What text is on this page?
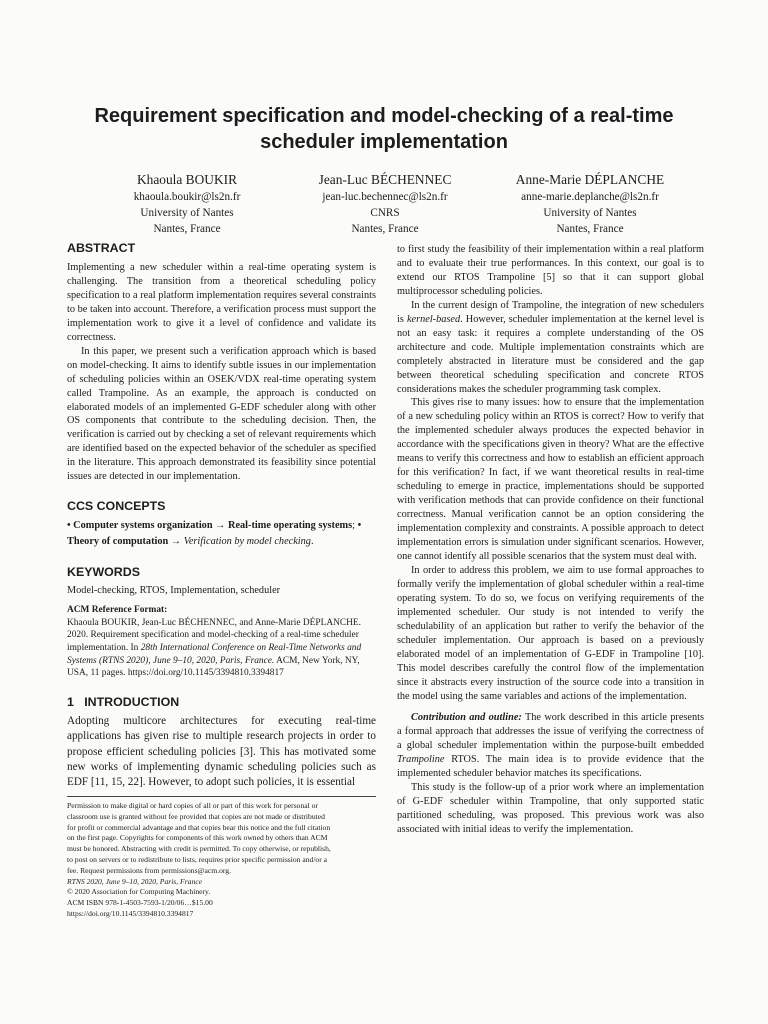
Requirement specification and model-checking of a real-time scheduler implementation
Khaoula BOUKIR
khaoula.boukir@ls2n.fr
University of Nantes
Nantes, France
Jean-Luc BÉCHENNEC
jean-luc.bechennec@ls2n.fr
CNRS
Nantes, France
Anne-Marie DÉPLANCHE
anne-marie.deplanche@ls2n.fr
University of Nantes
Nantes, France
ABSTRACT

Implementing a new scheduler within a real-time operating system is challenging. The transition from a theoretical scheduling policy specification to a real platform implementation requires several constraints to be taken into account. Therefore, a verification process must support the implementation work to give it a level of confidence and validate its correctness.

In this paper, we present such a verification approach which is based on model-checking. It aims to identify subtle issues in our implementation of scheduling policies within an OSEK/VDX real-time operating system called Trampoline. As an example, the approach is conducted on elaborated models of an implemented G-EDF scheduler along with other OS components that contribute to the scheduling decision. Then, the verification is carried out by checking a set of relevant requirements which are identified based on the expected behavior of the scheduler as specified in the literature. This approach demonstrated its feasibility since potential issues are detected in our implementation.

CCS CONCEPTS

• Computer systems organization → Real-time operating systems; • Theory of computation → Verification by model checking.

KEYWORDS

Model-checking, RTOS, Implementation, scheduler

ACM Reference Format:

Khaoula BOUKIR, Jean-Luc BÉCHENNEC, and Anne-Marie DÉPLANCHE. 2020. Requirement specification and model-checking of a real-time scheduler implementation. In 28th International Conference on Real-Time Networks and Systems (RTNS 2020), June 9–10, 2020, Paris, France. ACM, New York, NY, USA, 11 pages. https://doi.org/10.1145/3394810.3394817

1   INTRODUCTION

Adopting multicore architectures for executing real-time applications has given rise to multiple research projects in order to propose efficient scheduling policies [3]. This has motivated some new works of implementing dynamic scheduling policies such as EDF [11, 15, 22]. However, to adopt such policies, it is essential

Permission to make digital or hard copies of all or part of this work for personal or
classroom use is granted without fee provided that copies are not made or distributed
for profit or commercial advantage and that copies bear this notice and the full citation
on the first page. Copyrights for components of this work owned by others than ACM
must be honored. Abstracting with credit is permitted. To copy otherwise, or republish,
to post on servers or to redistribute to lists, requires prior specific permission and/or a
fee. Request permissions from permissions@acm.org.
RTNS 2020, June 9–10, 2020, Paris, France
© 2020 Association for Computing Machinery.
ACM ISBN 978-1-4503-7593-1/20/06…$15.00
https://doi.org/10.1145/3394810.3394817

to first study the feasibility of their implementation within a real platform and to evaluate their true performances. In this context, our goal is to extend our RTOS Trampoline [5] so that it can support global multiprocessor scheduling policies.

In the current design of Trampoline, the integration of new schedulers is kernel-based. However, scheduler implementation at the kernel level is not an easy task: it requires a complete understanding of the OS architecture and code. Multiple implementation constraints which are completely abstracted in literature must be considered and the gap between theoretical scheduling specification and concrete RTOS considerations makes the scheduler programming task complex.

This gives rise to many issues: how to ensure that the implementation of a new scheduling policy within an RTOS is correct? How to verify that the implemented scheduler always produces the expected behavior in accordance with the specifications given in theory? What are the effective means to verify this correctness and how to establish an efficient approach for this verification? In fact, if we want theoretical results in real-time scheduling to emerge in practice, implementations should be supported with verification methods that can provide confidence on their functional correctness. Manual verification cannot be an option considering the implementation complexity and constraints. A possible approach to detect implementation errors is simulation under significant scenarios. However, one cannot identify all possible scenarios that the system must deal with.

In order to address this problem, we aim to use formal approaches to formally verify the implementation of global scheduler within a real-time operating system. To do so, we focus on verifying requirements of the implemented scheduler. Our study is not intended to verify the schedulability of an application but rather to verify the behavior of the scheduler implementation. Our approach is based on a previously elaborated model of an implementation of G-EDF in Trampoline [10]. This model describes carefully the control flow of the implementation since it abstracts every instruction of the source code into a transition in the model using the same variables and actions of the implementation.

Contribution and outline: The work described in this article presents a formal approach that addresses the issue of verifying the correctness of a global scheduler implementation within the purpose-built embedded Trampoline RTOS. The main idea is to provide evidence that the implemented scheduler behavior matches its specifications.

This study is the follow-up of a prior work where an implementation of G-EDF scheduler within Trampoline, that only supported static partitioned scheduling, was proposed. This previous work was also associated with initial ideas to verify the implementation.
